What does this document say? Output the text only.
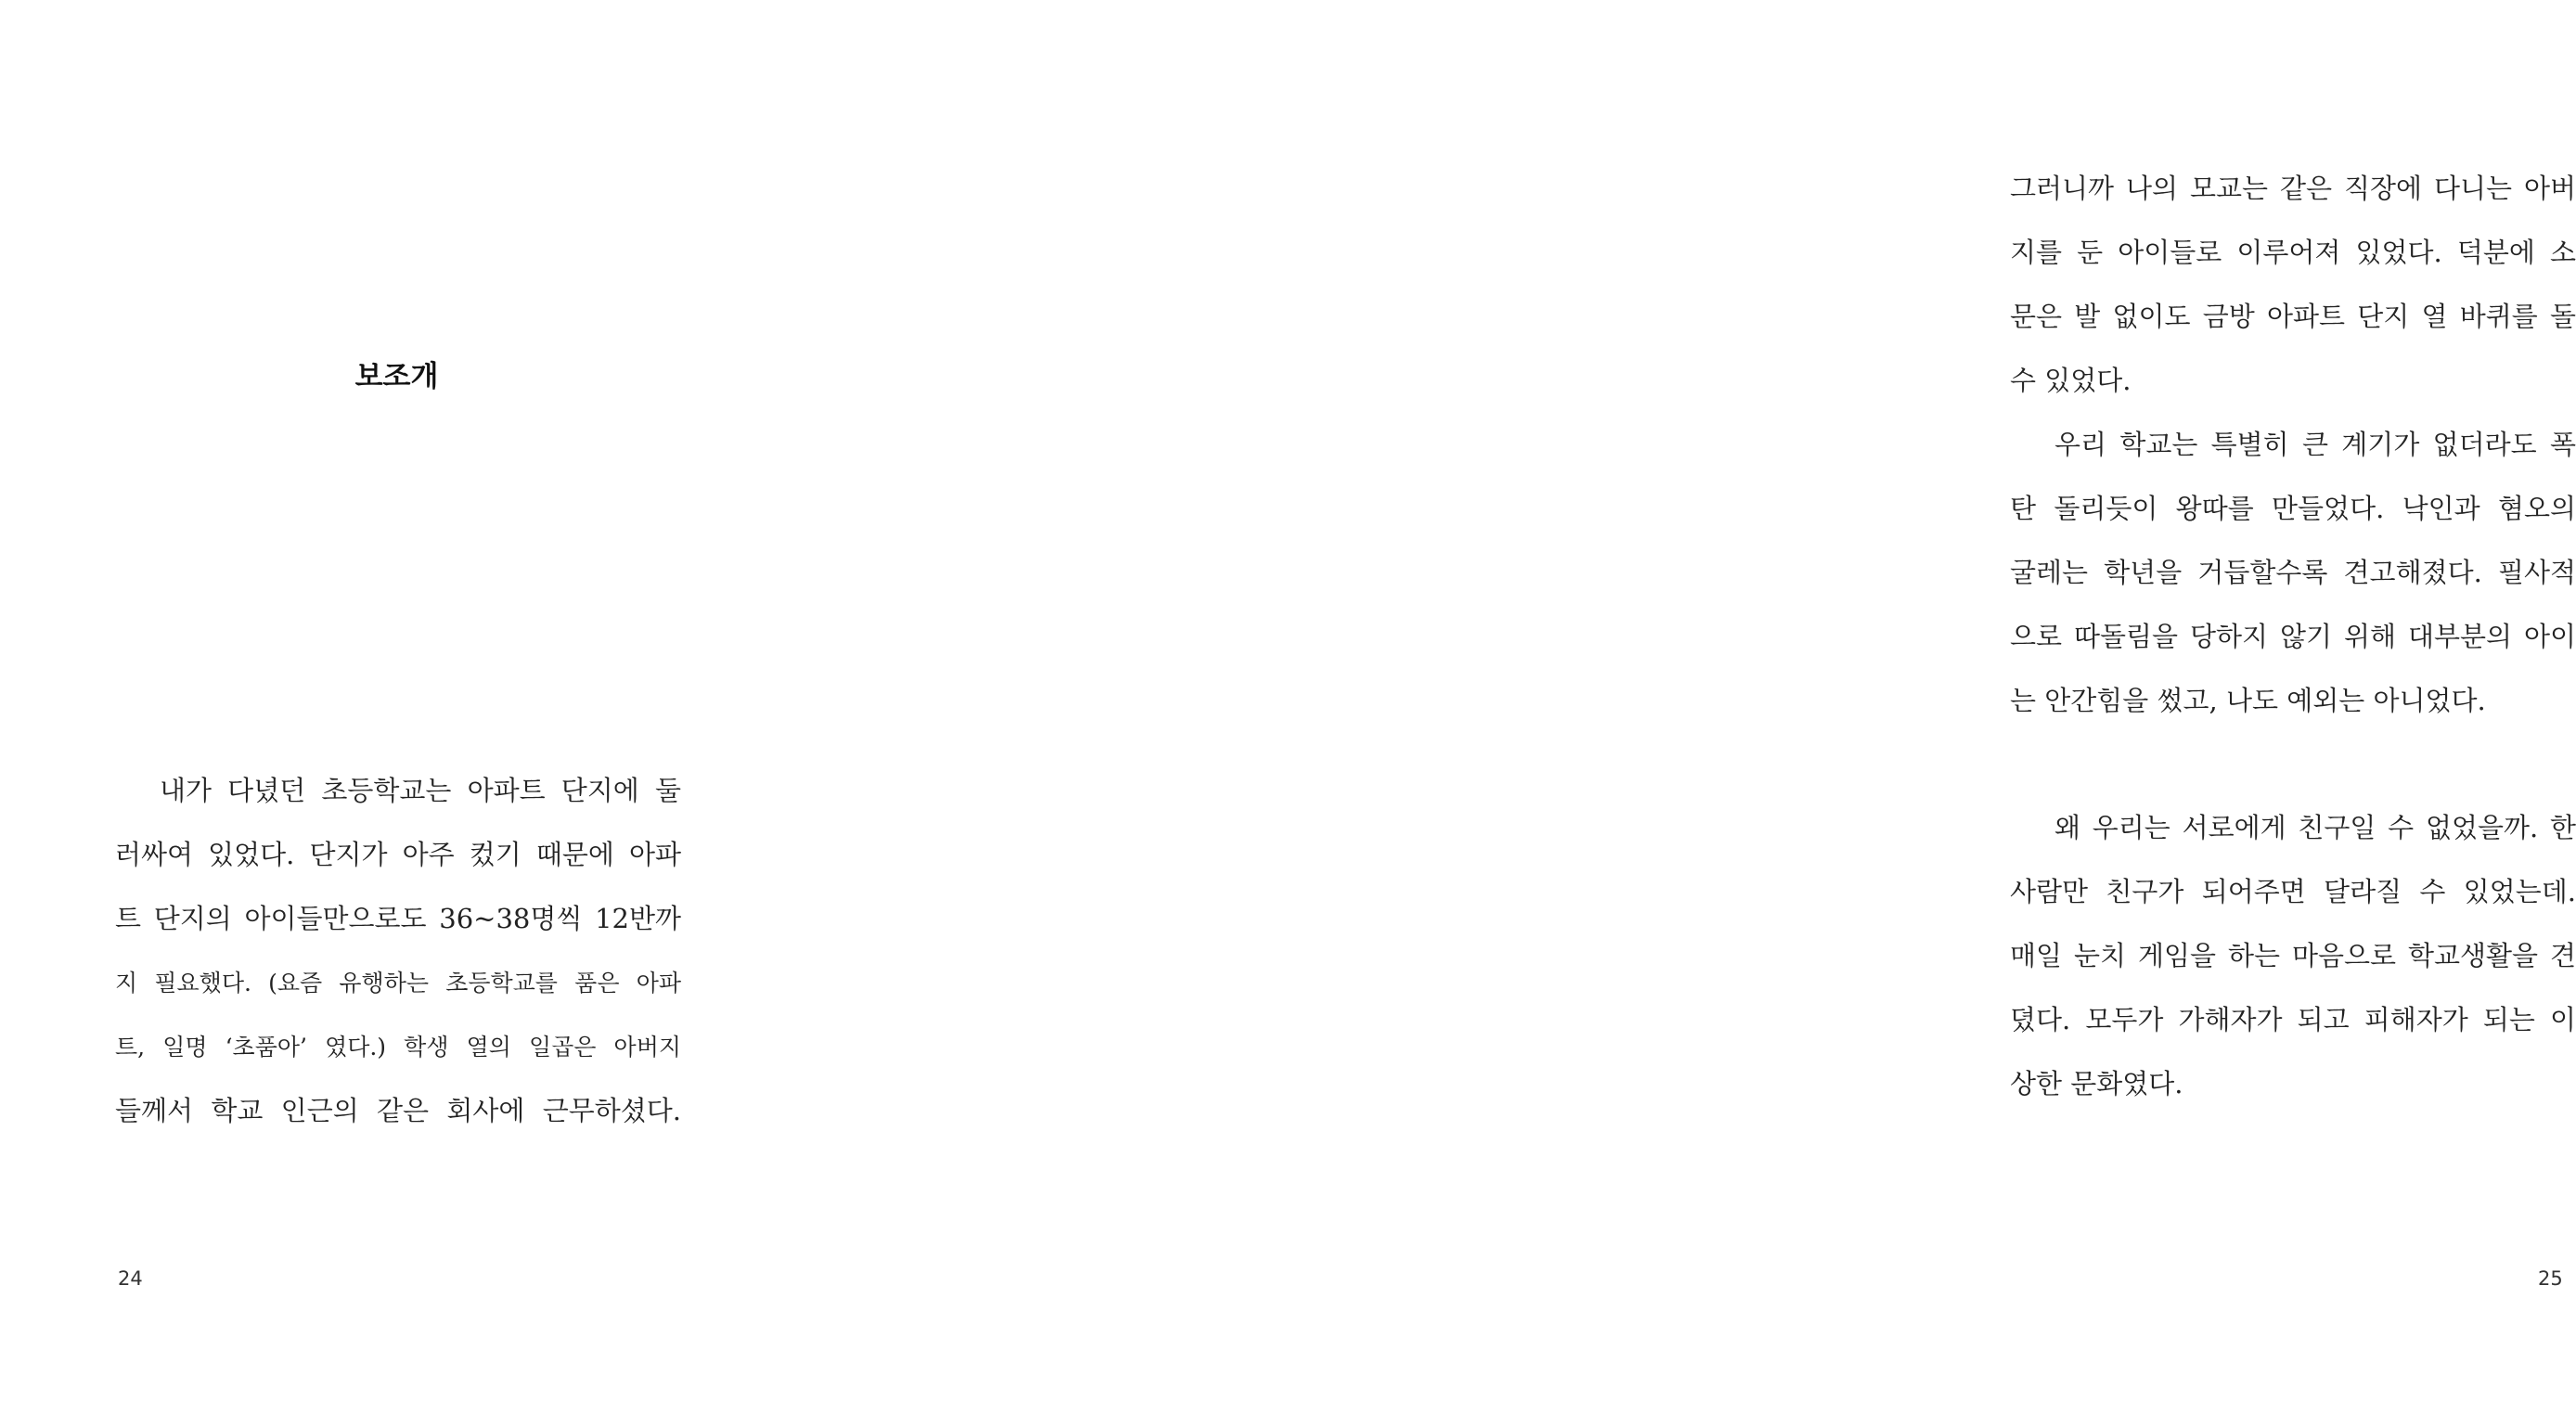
보조개
내가 다녔던 초등학교는 아파트 단지에 둘
러싸여 있었다. 단지가 아주 컸기 때문에 아파
트 단지의 아이들만으로도 36~38명씩 12반까
지 필요했다. (요즘 유행하는 초등학교를 품은 아파
트, 일명 ‘초품아’ 였다.) 학생 열의 일곱은 아버지
들께서 학교 인근의 같은 회사에 근무하셨다.
24
그러니까 나의 모교는 같은 직장에 다니는 아버
지를 둔 아이들로 이루어져 있었다. 덕분에 소
문은 발 없이도 금방 아파트 단지 열 바퀴를 돌
수 있었다.
우리 학교는 특별히 큰 계기가 없더라도 폭
탄 돌리듯이 왕따를 만들었다. 낙인과 혐오의
굴레는 학년을 거듭할수록 견고해졌다. 필사적
으로 따돌림을 당하지 않기 위해 대부분의 아이
는 안간힘을 썼고, 나도 예외는 아니었다.
왜 우리는 서로에게 친구일 수 없었을까. 한
사람만 친구가 되어주면 달라질 수 있었는데.
매일 눈치 게임을 하는 마음으로 학교생활을 견
뎠다. 모두가 가해자가 되고 피해자가 되는 이
상한 문화였다.
25
